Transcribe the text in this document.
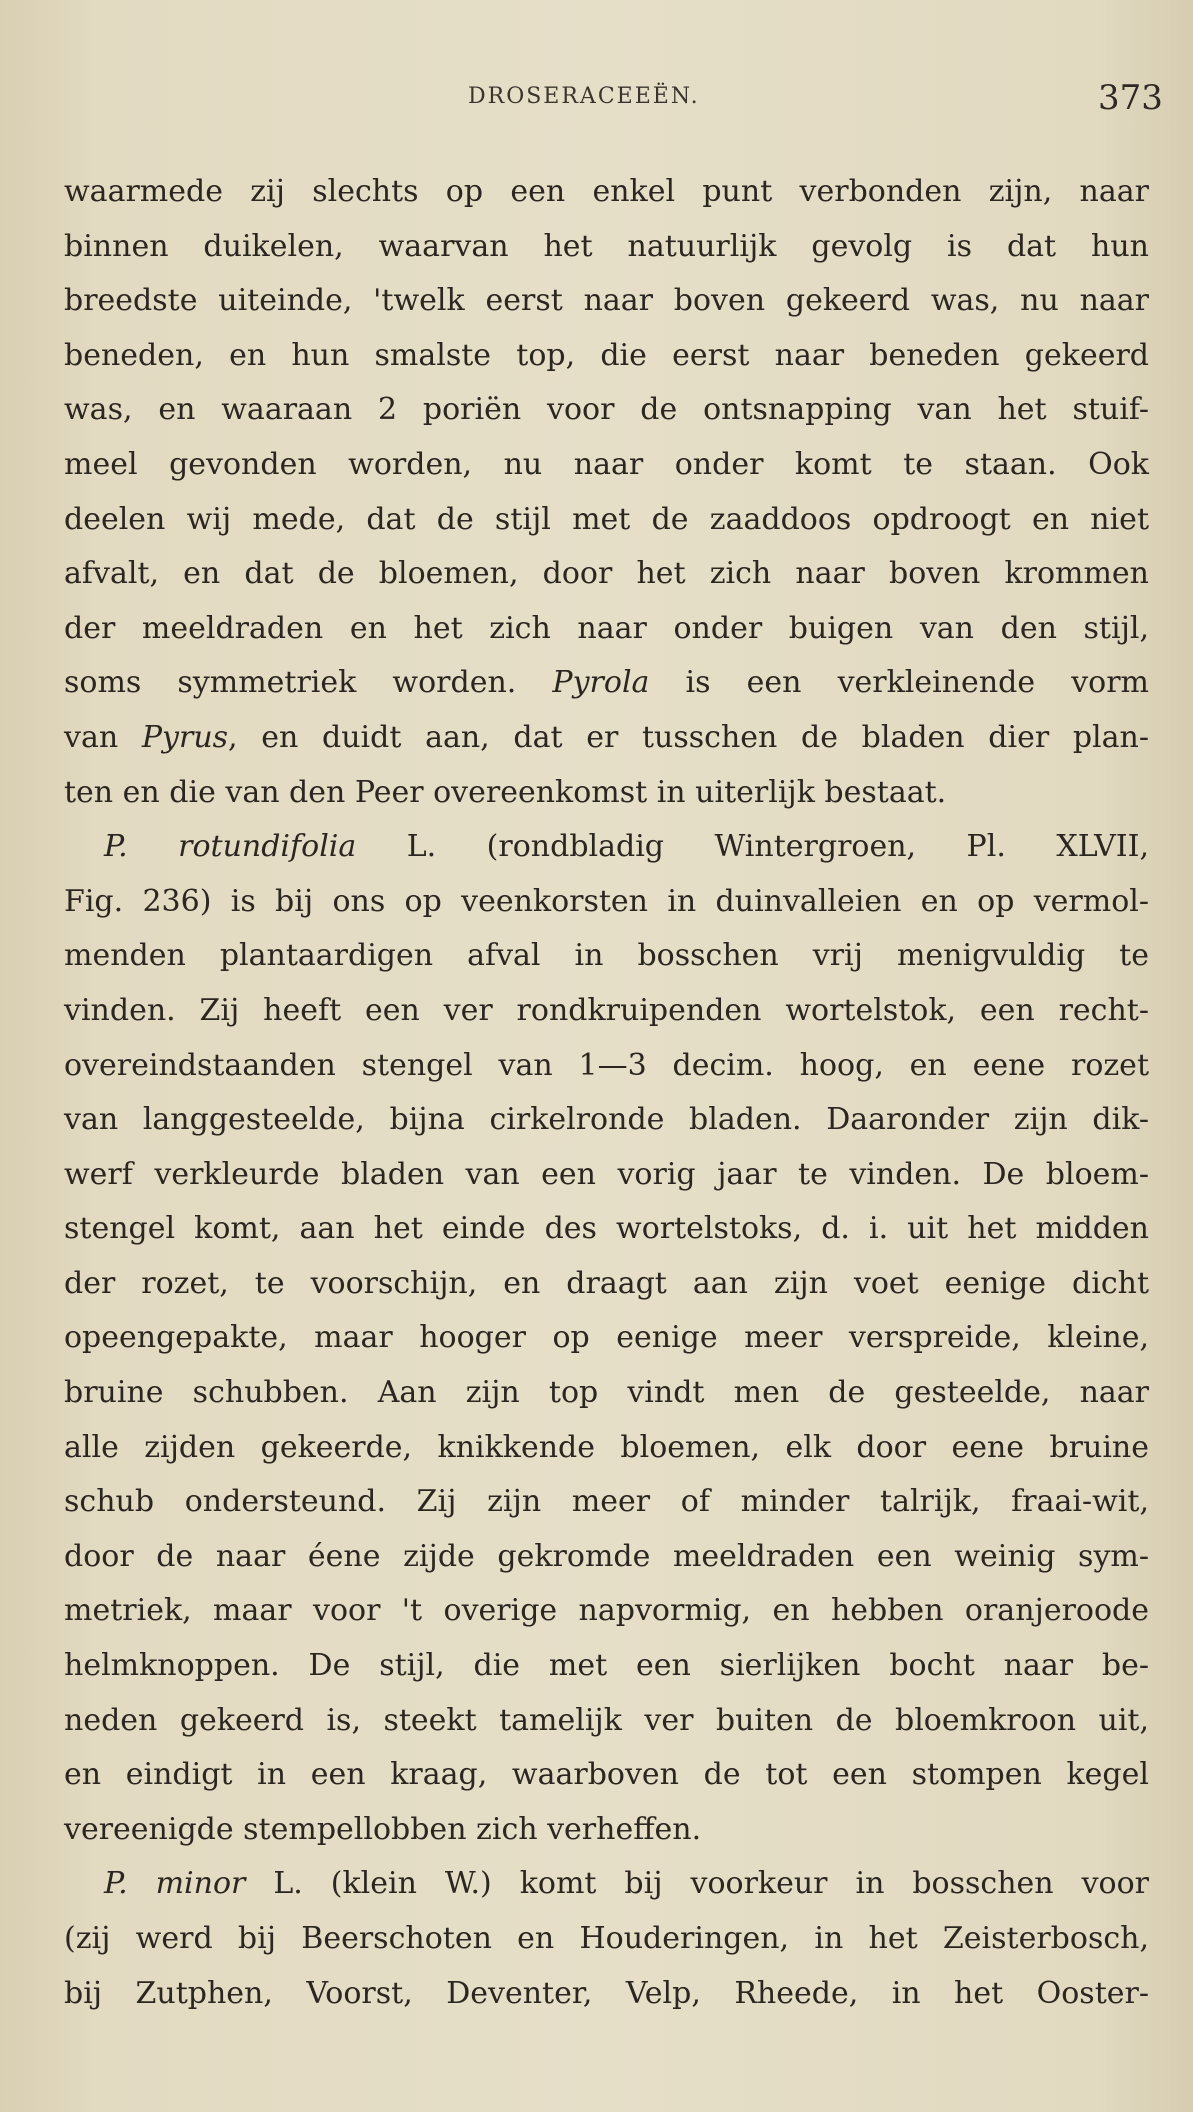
DROSERACEEËN.	373
waarmede zij slechts op een enkel punt verbonden zijn, naar
binnen duikelen, waarvan het natuurlijk gevolg is dat hun
breedste uiteinde, 'twelk eerst naar boven gekeerd was, nu naar
beneden, en hun smalste top, die eerst naar beneden gekeerd
was, en waaraan 2 poriën voor de ontsnapping van het stuif-
meel gevonden worden, nu naar onder komt te staan. Ook
deelen wij mede, dat de stijl met de zaaddoos opdroogt en niet
afvalt, en dat de bloemen, door het zich naar boven krommen
der meeldraden en het zich naar onder buigen van den stijl,
soms symmetriek worden. Pyrola is een verkleinende vorm
van Pyrus, en duidt aan, dat er tusschen de bladen dier plan-
ten en die van den Peer overeenkomst in uiterlijk bestaat.
P. rotundifolia L. (rondbladig Wintergroen, Pl. XLVII,
Fig. 236) is bij ons op veenkorsten in duinvalleien en op vermol-
menden plantaardigen afval in bosschen vrij menigvuldig te
vinden. Zij heeft een ver rondkruipenden wortelstok, een recht-
overeindstaanden stengel van 1—3 decim. hoog, en eene rozet
van langgesteelde, bijna cirkelronde bladen. Daaronder zijn dik-
werf verkleurde bladen van een vorig jaar te vinden. De bloem-
stengel komt, aan het einde des wortelstoks, d. i. uit het midden
der rozet, te voorschijn, en draagt aan zijn voet eenige dicht
opeengepakte, maar hooger op eenige meer verspreide, kleine,
bruine schubben. Aan zijn top vindt men de gesteelde, naar
alle zijden gekeerde, knikkende bloemen, elk door eene bruine
schub ondersteund. Zij zijn meer of minder talrijk, fraai-wit,
door de naar éene zijde gekromde meeldraden een weinig sym-
metriek, maar voor 't overige napvormig, en hebben oranjeroode
helmknoppen. De stijl, die met een sierlijken bocht naar be-
neden gekeerd is, steekt tamelijk ver buiten de bloemkroon uit,
en eindigt in een kraag, waarboven de tot een stompen kegel
vereenigde stempellobben zich verheffen.
P. minor L. (klein W.) komt bij voorkeur in bosschen voor
(zij werd bij Beerschoten en Houderingen, in het Zeisterbosch,
bij Zutphen, Voorst, Deventer, Velp, Rheede, in het Ooster-
